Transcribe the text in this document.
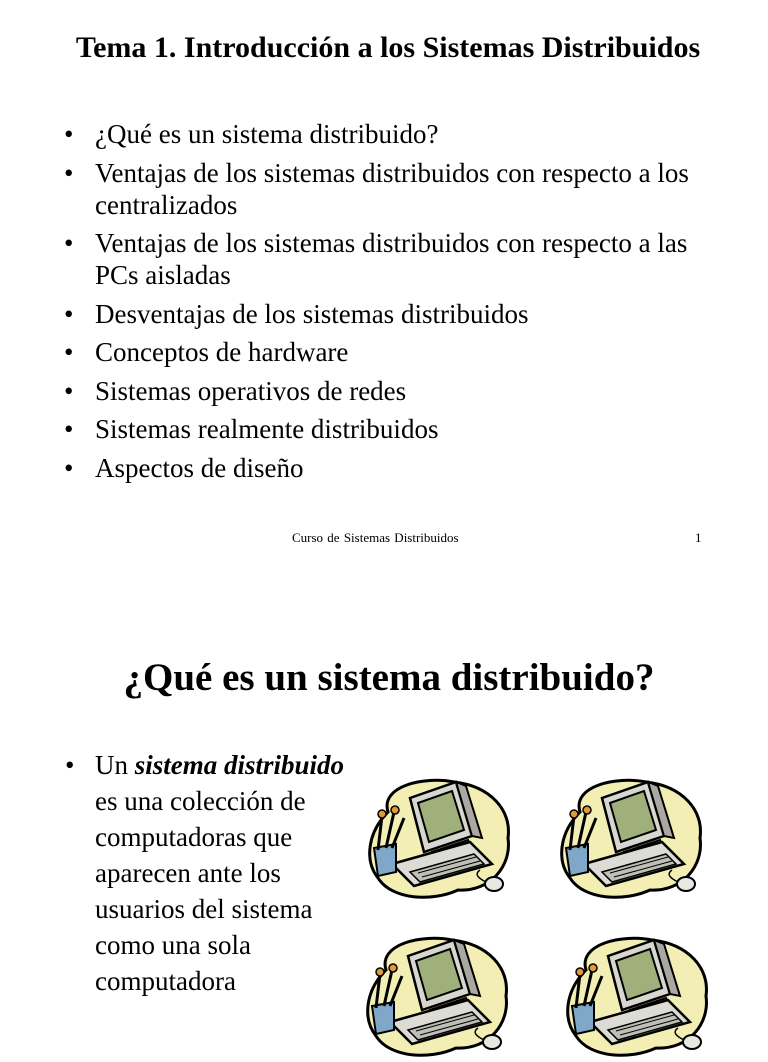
Tema 1. Introducción a los Sistemas Distribuidos
• ¿Qué es un sistema distribuido?
• Ventajas de los sistemas distribuidos con respecto a los centralizados
• Ventajas de los sistemas distribuidos con respecto a las PCs aisladas
• Desventajas de los sistemas distribuidos
• Conceptos de hardware
• Sistemas operativos de redes
• Sistemas realmente distribuidos
• Aspectos de diseño
Curso de Sistemas Distribuidos	1
¿Qué es un sistema distribuido?
• Un sistema distribuido es una colección de computadoras que aparecen ante los usuarios del sistema como una sola computadora
